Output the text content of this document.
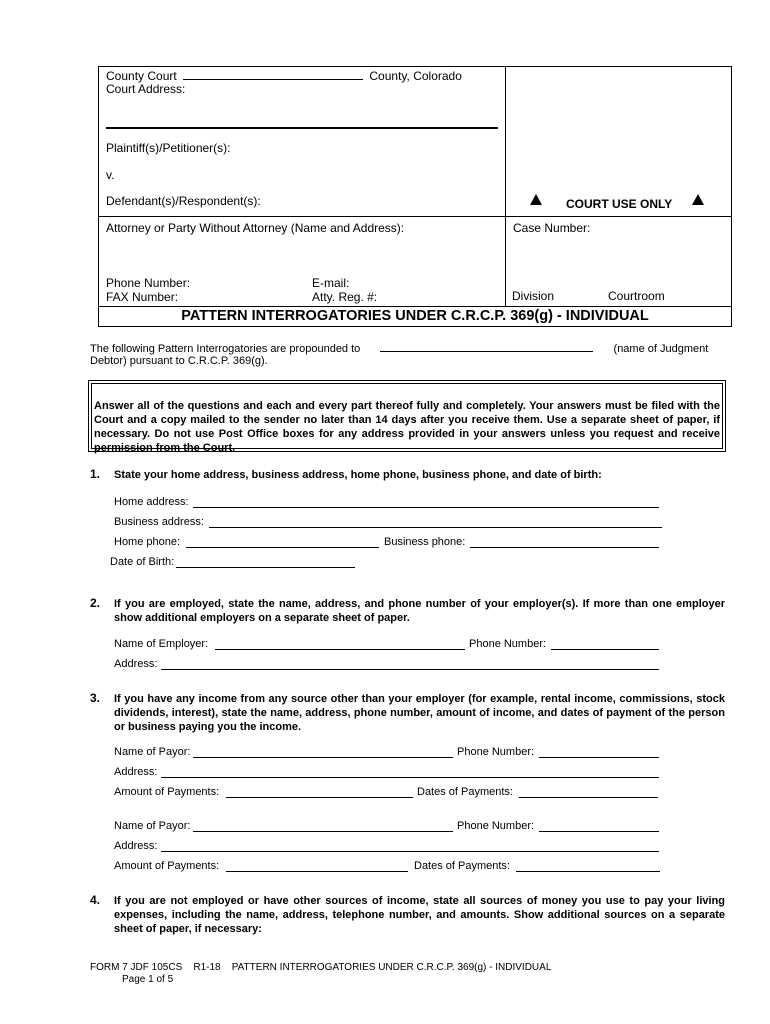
County Court	County, Colorado
Court Address:
Plaintiff(s)/Petitioner(s):
v.
Defendant(s)/Respondent(s):	COURT USE ONLY
Attorney or Party Without Attorney (Name and Address):	Case Number:
Phone Number:	E-mail:
FAX Number:	Atty. Reg. #:	Division	Courtroom
PATTERN INTERROGATORIES UNDER C.R.C.P. 369(g) - INDIVIDUAL
The following Pattern Interrogatories are propounded to	(name of Judgment
Debtor) pursuant to C.R.C.P. 369(g).
Answer all of the questions and each and every part thereof fully and completely. Your answers must be filed with the Court and a copy mailed to the sender no later than 14 days after you receive them. Use a separate sheet of paper, if necessary. Do not use Post Office boxes for any address provided in your answers unless you request and receive permission from the Court.
1. State your home address, business address, home phone, business phone, and date of birth:
Home address:
Business address:
Home phone:	Business phone:
Date of Birth:
2. If you are employed, state the name, address, and phone number of your employer(s). If more than one employer show additional employers on a separate sheet of paper.
Name of Employer:	Phone Number:
Address:
3. If you have any income from any source other than your employer (for example, rental income, commissions, stock dividends, interest), state the name, address, phone number, amount of income, and dates of payment of the person or business paying you the income.
Name of Payor:	Phone Number:
Address:
Amount of Payments:	Dates of Payments:
Name of Payor:	Phone Number:
Address:
Amount of Payments:	Dates of Payments:
4. If you are not employed or have other sources of income, state all sources of money you use to pay your living expenses, including the name, address, telephone number, and amounts. Show additional sources on a separate sheet of paper, if necessary:
FORM 7 JDF 105CS    R1-18    PATTERN INTERROGATORIES UNDER C.R.C.P. 369(g) - INDIVIDUAL
Page 1 of 5
